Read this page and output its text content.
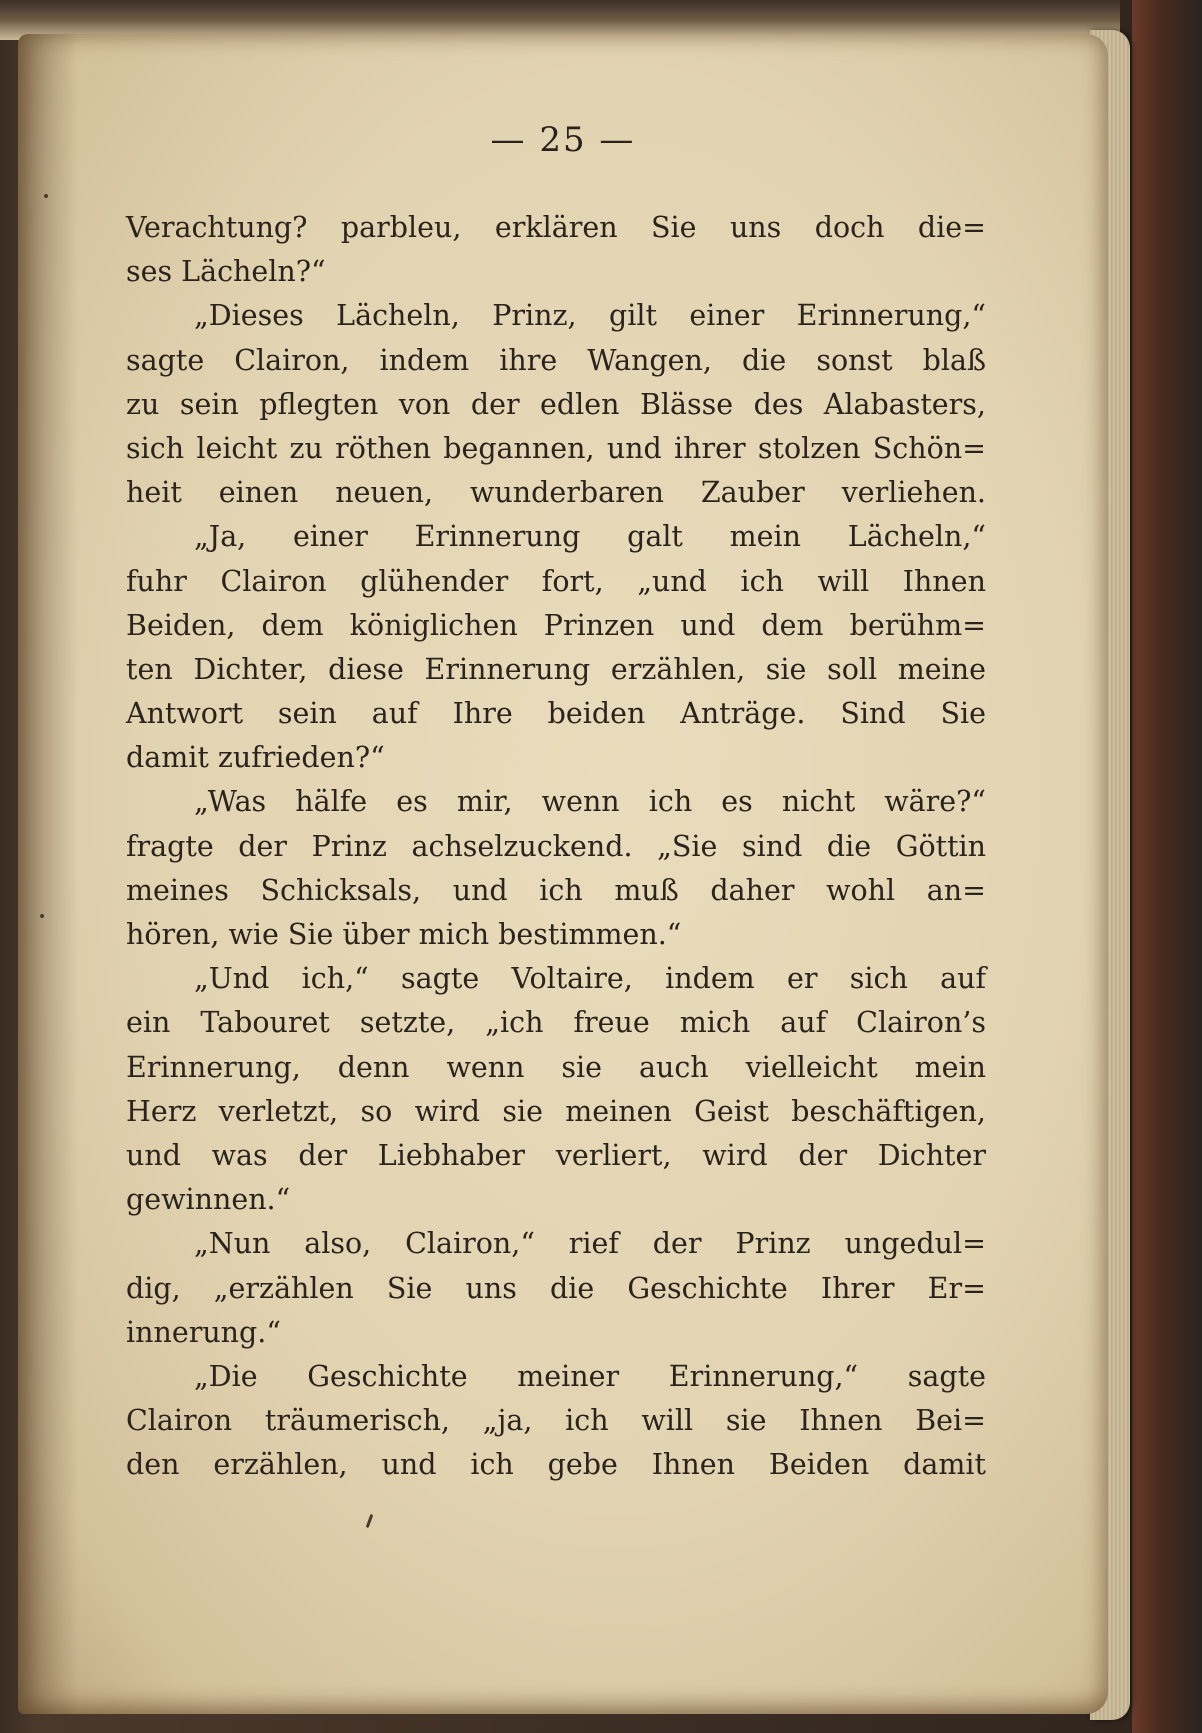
— 25 —

Verachtung? parbleu, erklären Sie uns doch die=
ses Lächeln?“
„Dieses Lächeln, Prinz, gilt einer Erinnerung,“
sagte Clairon, indem ihre Wangen, die sonst blaß
zu sein pflegten von der edlen Blässe des Alabasters,
sich leicht zu röthen begannen, und ihrer stolzen Schön=
heit einen neuen, wunderbaren Zauber verliehen.
„Ja, einer Erinnerung galt mein Lächeln,“
fuhr Clairon glühender fort, „und ich will Ihnen
Beiden, dem königlichen Prinzen und dem berühm=
ten Dichter, diese Erinnerung erzählen, sie soll meine
Antwort sein auf Ihre beiden Anträge. Sind Sie
damit zufrieden?“
„Was hälfe es mir, wenn ich es nicht wäre?“
fragte der Prinz achselzuckend. „Sie sind die Göttin
meines Schicksals, und ich muß daher wohl an=
hören, wie Sie über mich bestimmen.“
„Und ich,“ sagte Voltaire, indem er sich auf
ein Tabouret setzte, „ich freue mich auf Clairon’s
Erinnerung, denn wenn sie auch vielleicht mein
Herz verletzt, so wird sie meinen Geist beschäftigen,
und was der Liebhaber verliert, wird der Dichter
gewinnen.“
„Nun also, Clairon,“ rief der Prinz ungedul=
dig, „erzählen Sie uns die Geschichte Ihrer Er=
innerung.“
„Die Geschichte meiner Erinnerung,“ sagte
Clairon träumerisch, „ja, ich will sie Ihnen Bei=
den erzählen, und ich gebe Ihnen Beiden damit
